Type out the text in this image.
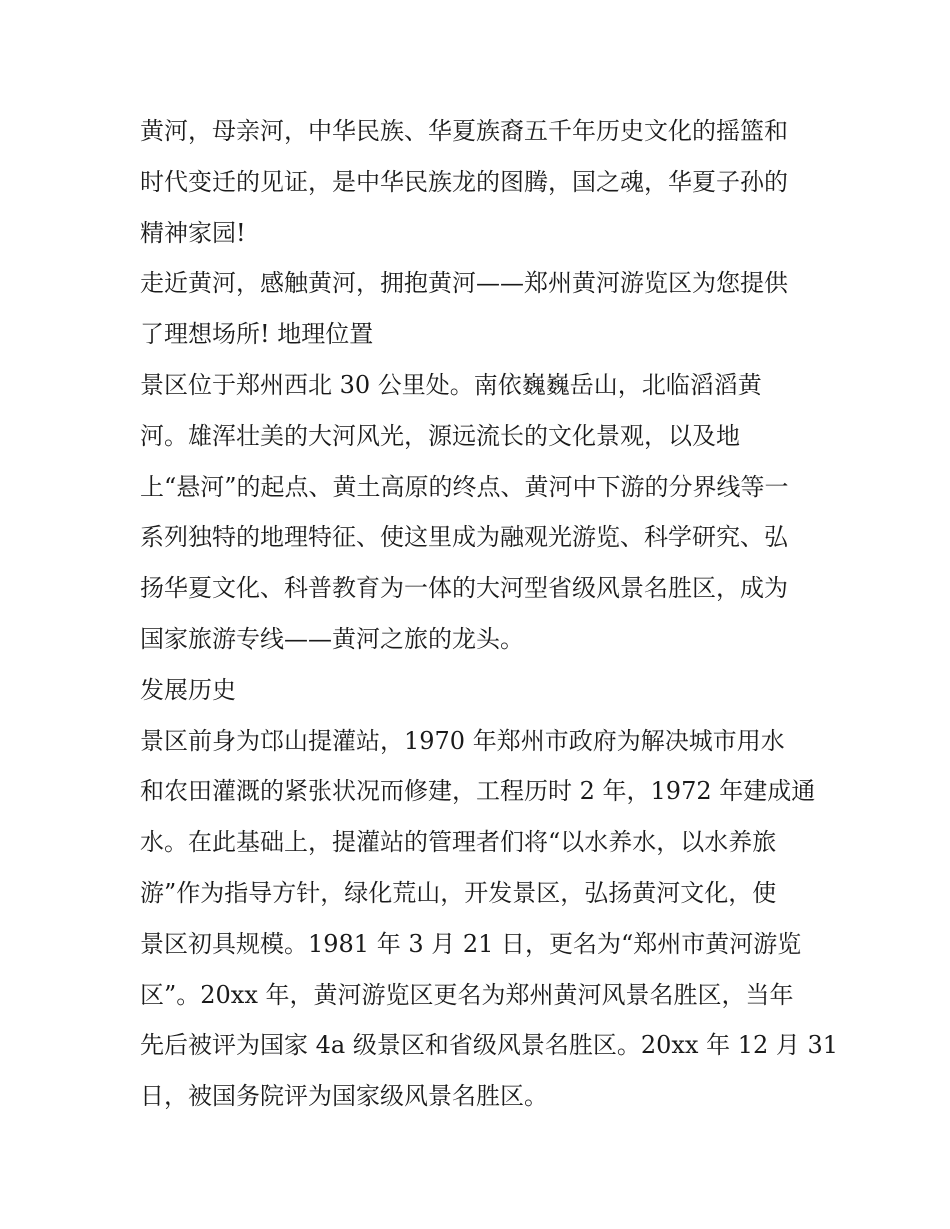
黄河，母亲河，中华民族、华夏族裔五千年历史文化的摇篮和
时代变迁的见证，是中华民族龙的图腾，国之魂，华夏子孙的
精神家园!
走近黄河，感触黄河，拥抱黄河——郑州黄河游览区为您提供
了理想场所! 地理位置
景区位于郑州西北 30 公里处。南依巍巍岳山，北临滔滔黄
河。雄浑壮美的大河风光，源远流长的文化景观，以及地
上“悬河”的起点、黄土高原的终点、黄河中下游的分界线等一
系列独特的地理特征、使这里成为融观光游览、科学研究、弘
扬华夏文化、科普教育为一体的大河型省级风景名胜区，成为
国家旅游专线——黄河之旅的龙头。
发展历史
景区前身为邙山提灌站，1970 年郑州市政府为解决城市用水
和农田灌溉的紧张状况而修建，工程历时 2 年，1972 年建成通
水。在此基础上，提灌站的管理者们将“以水养水，以水养旅
游”作为指导方针，绿化荒山，开发景区，弘扬黄河文化，使
景区初具规模。1981 年 3 月 21 日，更名为“郑州市黄河游览
区”。20xx 年，黄河游览区更名为郑州黄河风景名胜区，当年
先后被评为国家 4a 级景区和省级风景名胜区。20xx 年 12 月 31
日，被国务院评为国家级风景名胜区。
